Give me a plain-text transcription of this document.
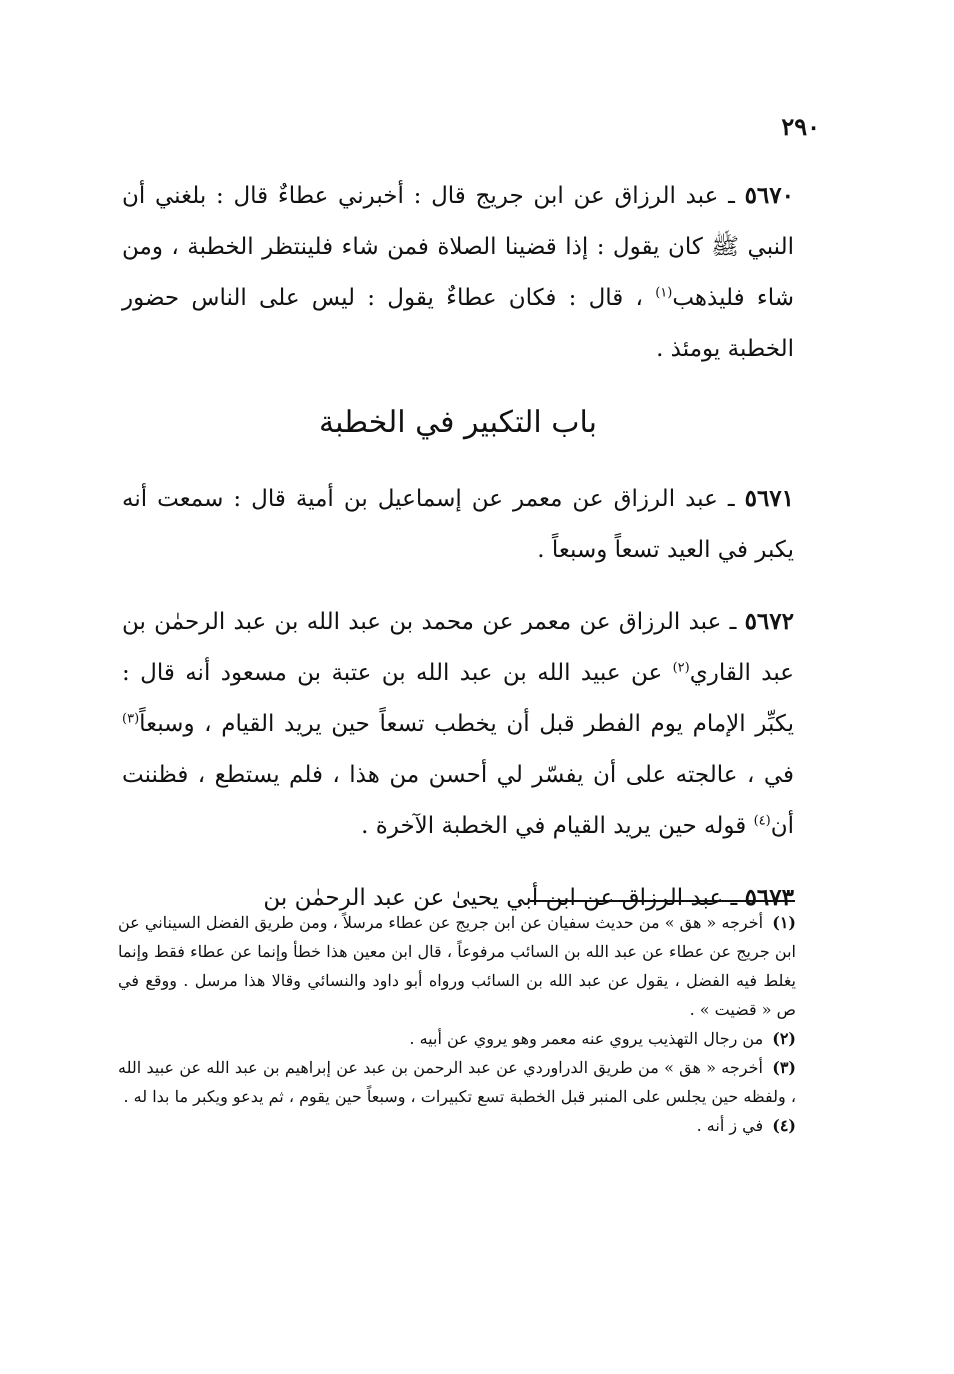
٢٩٠

٥٦٧٠ ـ عبد الرزاق عن ابن جريج قال : أخبرني عطاءٌ قال : بلغني أن النبي ﷺ كان يقول : إذا قضينا الصلاة فمن شاء فلينتظر الخطبة ، ومن شاء فليذهب$^{(١)}$ ، قال : فكان عطاءٌ يقول : ليس على الناس حضور الخطبة يومئذ .

باب التكبير في الخطبة

٥٦٧١ ـ عبد الرزاق عن معمر عن إسماعيل بن أمية قال : سمعت أنه يكبر في العيد تسعاً وسبعاً .

٥٦٧٢ ـ عبد الرزاق عن معمر عن محمد بن عبد الله بن عبد الرحمٰن بن عبد القاري$^{(٢)}$ عن عبيد الله بن عبد الله بن عتبة بن مسعود أنه قال : يكبِّر الإمام يوم الفطر قبل أن يخطب تسعاً حين يريد القيام ، وسبعاً$^{(٣)}$ في ، عالجته على أن يفسّر لي أحسن من هذا ، فلم يستطع ، فظننت أن$^{(٤)}$ قوله حين يريد القيام في الخطبة الآخرة .

٥٦٧٣ ـ عبد الرزاق عن ابن أبي يحيىٰ عن عبد الرحمٰن بن

(١) أخرجه « هق » من حديث سفيان عن ابن جريج عن عطاء مرسلاً ، ومن طريق الفضل السيناني عن ابن جريج عن عطاء عن عبد الله بن السائب مرفوعاً ، قال ابن معين هذا خطأ وإنما عن عطاء فقط وإنما يغلط فيه الفضل ، يقول عن عبد الله بن السائب ورواه أبو داود والنسائي وقالا هذا مرسل . ووقع في ص « قضيت » .

(٢) من رجال التهذيب يروي عنه معمر وهو يروي عن أبيه .

(٣) أخرجه « هق » من طريق الدراوردي عن عبد الرحمن بن عبد عن إبراهيم بن عبد الله عن عبيد الله ، ولفظه حين يجلس على المنبر قبل الخطبة تسع تكبيرات ، وسبعاً حين يقوم ، ثم يدعو ويكبر ما بدا له .

(٤) في ز أنه .
